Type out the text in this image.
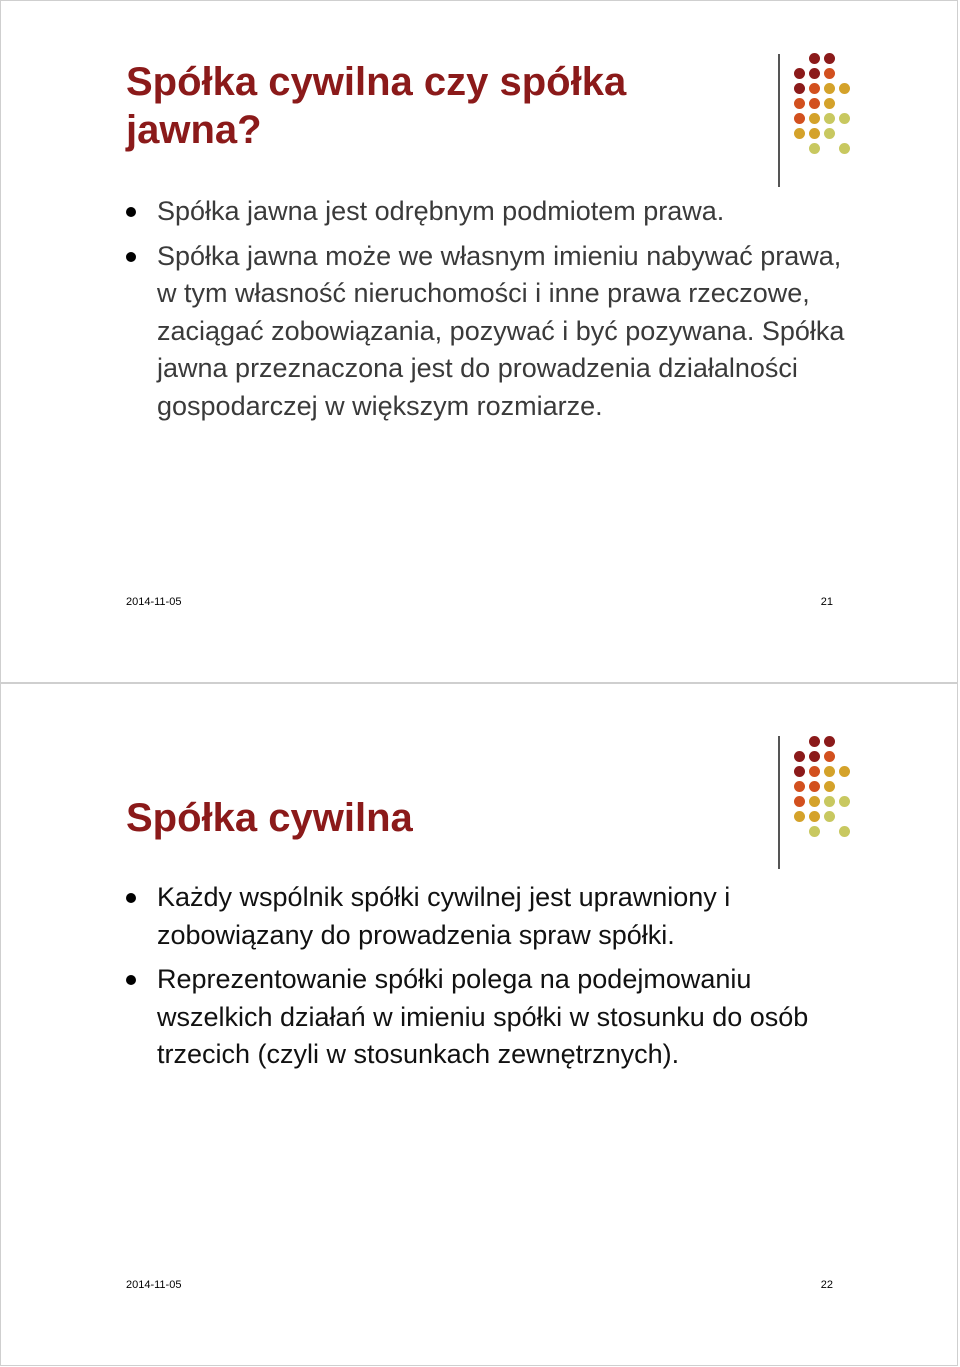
Spółka cywilna czy spółka jawna?
Spółka jawna jest odrębnym podmiotem prawa.
Spółka jawna może we własnym imieniu nabywać prawa, w tym własność nieruchomości i inne prawa rzeczowe, zaciągać zobowiązania, pozywać i być pozywana. Spółka jawna przeznaczona jest do prowadzenia działalności gospodarczej w większym rozmiarze.
2014-11-05	21
Spółka cywilna
Każdy wspólnik spółki cywilnej jest uprawniony i zobowiązany do prowadzenia spraw spółki.
Reprezentowanie spółki polega na podejmowaniu wszelkich działań w imieniu spółki w stosunku do osób trzecich (czyli w stosunkach zewnętrznych).
2014-11-05	22
